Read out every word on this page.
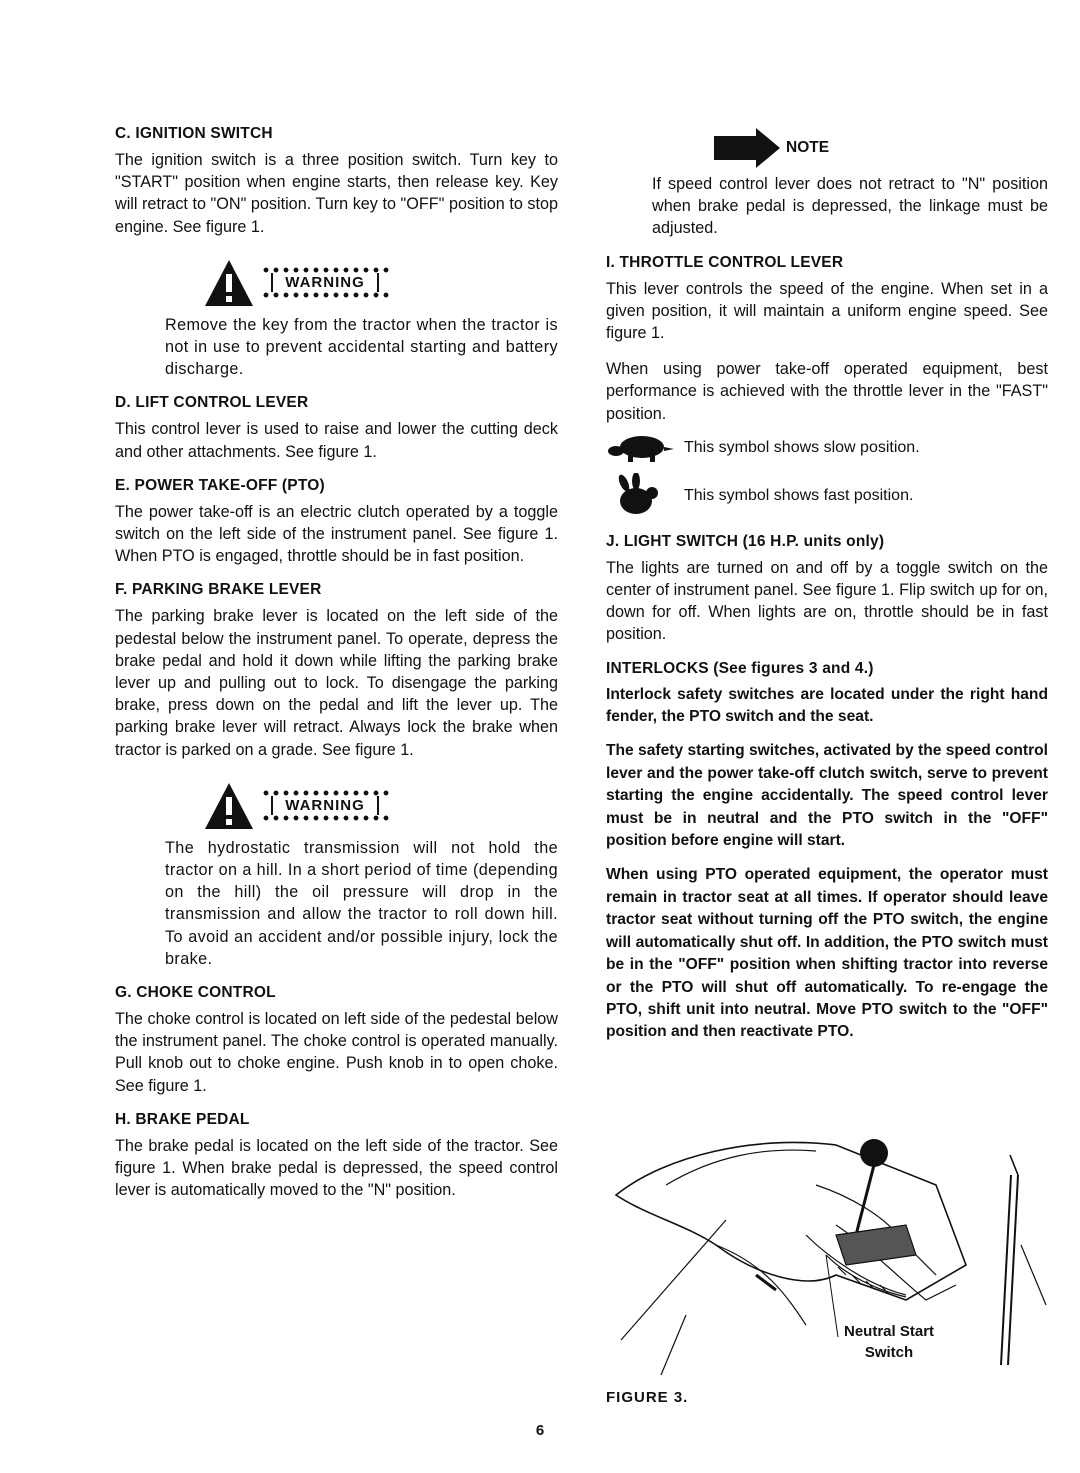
C. IGNITION SWITCH

The ignition switch is a three position switch. Turn key to "START" position when engine starts, then release key. Key will retract to "ON" position. Turn key to "OFF" position to stop engine. See figure 1.

WARNING

Remove the key from the tractor when the tractor is not in use to prevent accidental starting and battery discharge.

D. LIFT CONTROL LEVER

This control lever is used to raise and lower the cutting deck and other attachments. See figure 1.

E. POWER TAKE-OFF (PTO)

The power take-off is an electric clutch operated by a toggle switch on the left side of the instrument panel. See figure 1. When PTO is engaged, throttle should be in fast position.

F. PARKING BRAKE LEVER

The parking brake lever is located on the left side of the pedestal below the instrument panel. To operate, depress the brake pedal and hold it down while lifting the parking brake lever up and pulling out to lock. To disengage the parking brake, press down on the pedal and lift the lever up. The parking brake lever will retract. Always lock the brake when tractor is parked on a grade. See figure 1.

WARNING

The hydrostatic transmission will not hold the tractor on a hill. In a short period of time (depending on the hill) the oil pressure will drop in the transmission and allow the tractor to roll down hill. To avoid an accident and/or possible injury, lock the brake.

G. CHOKE CONTROL

The choke control is located on left side of the pedestal below the instrument panel. The choke control is operated manually. Pull knob out to choke engine. Push knob in to open choke. See figure 1.

H. BRAKE PEDAL

The brake pedal is located on the left side of the tractor. See figure 1. When brake pedal is depressed, the speed control lever is automatically moved to the "N" position.

NOTE

If speed control lever does not retract to "N" position when brake pedal is depressed, the linkage must be adjusted.

I. THROTTLE CONTROL LEVER

This lever controls the speed of the engine. When set in a given position, it will maintain a uniform engine speed. See figure 1.

When using power take-off operated equipment, best performance is achieved with the throttle lever in the "FAST" position.

This symbol shows slow position.
This symbol shows fast position.
J. LIGHT SWITCH (16 H.P. units only)

The lights are turned on and off by a toggle switch on the center of instrument panel. See figure 1. Flip switch up for on, down for off. When lights are on, throttle should be in fast position.

INTERLOCKS (See figures 3 and 4.)

Interlock safety switches are located under the right hand fender, the PTO switch and the seat.

The safety starting switches, activated by the speed control lever and the power take-off clutch switch, serve to prevent starting the engine accidentally. The speed control lever must be in neutral and the PTO switch in the "OFF" position before engine will start.

When using PTO operated equipment, the operator must remain in tractor seat at all times. If operator should leave tractor seat without turning off the PTO switch, the engine will automatically shut off. In addition, the PTO switch must be in the "OFF" position when shifting tractor into reverse or the PTO will shut off automatically. To re-engage the PTO, shift unit into neutral. Move PTO switch to the "OFF" position and then reactivate PTO.

Neutral Start
Switch
FIGURE 3.
6
